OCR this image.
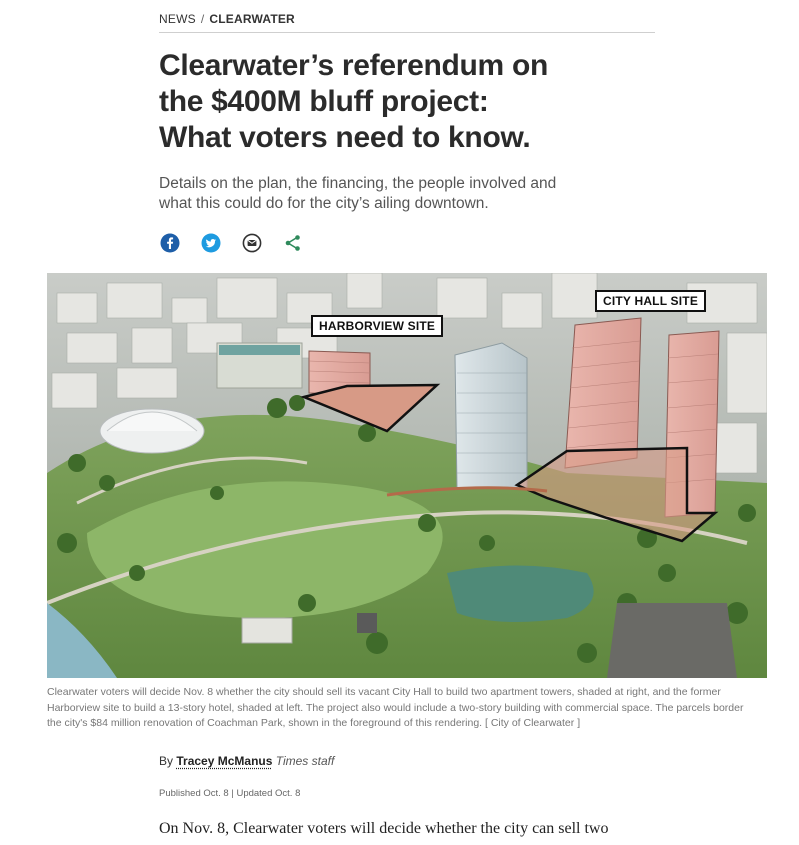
NEWS / CLEARWATER
Clearwater’s referendum on the $400M bluff project: What voters need to know.

Details on the plan, the financing, the people involved and what this could do for the city’s ailing downtown.

HARBORVIEW SITE
CITY HALL SITE
Clearwater voters will decide Nov. 8 whether the city should sell its vacant City Hall to build two apartment towers, shaded at right, and the former Harborview site to build a 13-story hotel, shaded at left. The project also would include a two-story building with commercial space. The parcels border the city's $84 million renovation of Coachman Park, shown in the foreground of this rendering. [ City of Clearwater ]
By Tracey McManus Times staff
Published Oct. 8 | Updated Oct. 8
On Nov. 8, Clearwater voters will decide whether the city can sell two
